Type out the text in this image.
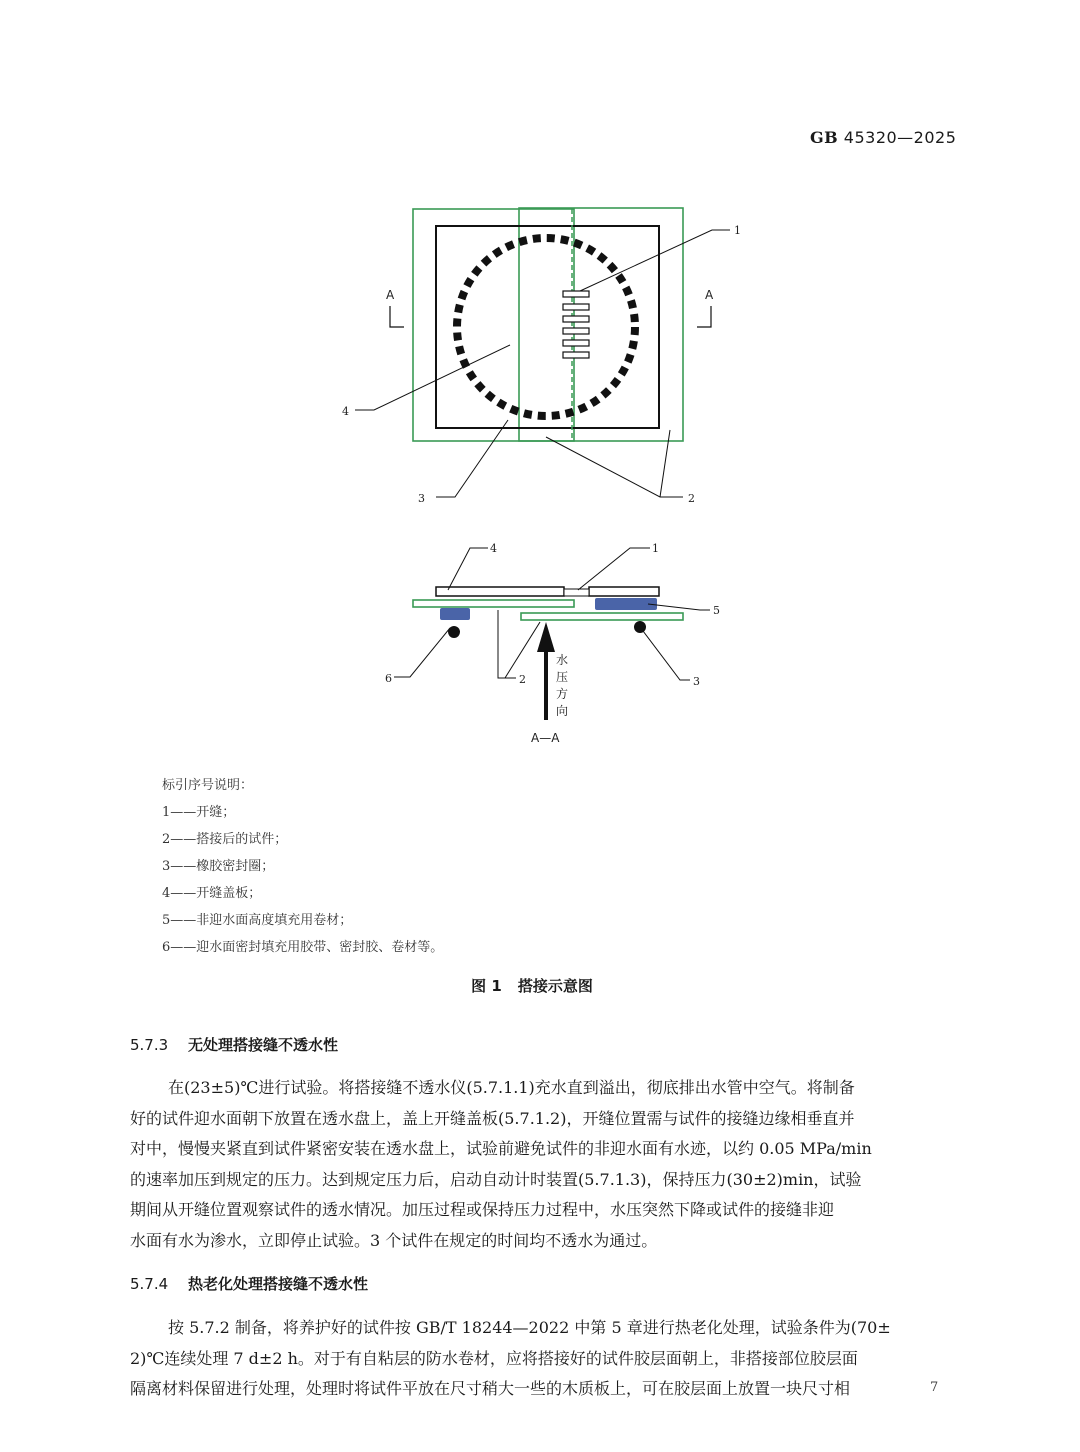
GB 45320—2025
A	A
1
4
3	2
水
压
方
向
4	1
5
6	2	3
A—A
标引序号说明：
1——开缝；
2——搭接后的试件；
3——橡胶密封圈；
4——开缝盖板；
5——非迎水面高度填充用卷材；
6——迎水面密封填充用胶带、密封胶、卷材等。
图 1 搭接示意图
5.7.3 无处理搭接缝不透水性
在(23±5)℃进行试验。将搭接缝不透水仪(5.7.1.1)充水直到溢出，彻底排出水管中空气。将制备
好的试件迎水面朝下放置在透水盘上，盖上开缝盖板(5.7.1.2)，开缝位置需与试件的接缝边缘相垂直并
对中，慢慢夹紧直到试件紧密安装在透水盘上，试验前避免试件的非迎水面有水迹，以约 0.05 MPa/min
的速率加压到规定的压力。达到规定压力后，启动自动计时装置(5.7.1.3)，保持压力(30±2)min，试验
期间从开缝位置观察试件的透水情况。加压过程或保持压力过程中，水压突然下降或试件的接缝非迎
水面有水为渗水，立即停止试验。3 个试件在规定的时间均不透水为通过。
5.7.4 热老化处理搭接缝不透水性
按 5.7.2 制备，将养护好的试件按 GB/T 18244—2022 中第 5 章进行热老化处理，试验条件为(70±
2)℃连续处理 7 d±2 h。对于有自粘层的防水卷材，应将搭接好的试件胶层面朝上，非搭接部位胶层面
隔离材料保留进行处理，处理时将试件平放在尺寸稍大一些的木质板上，可在胶层面上放置一块尺寸相	7
